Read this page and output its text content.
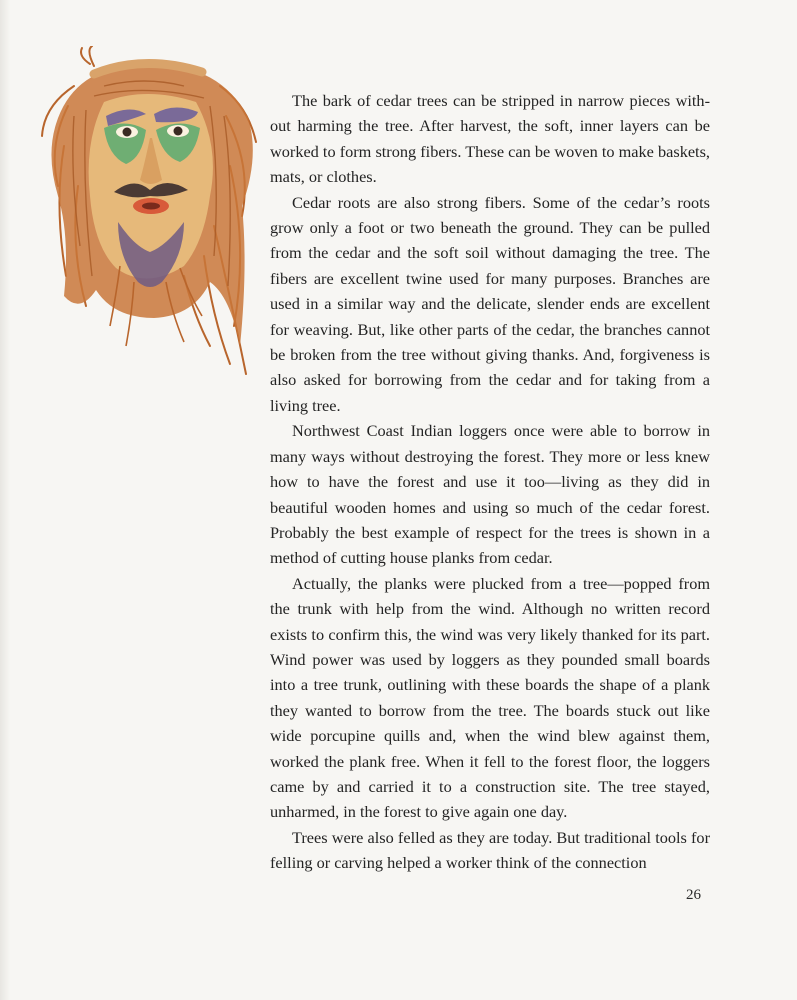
The bark of cedar trees can be stripped in narrow pieces without harming the tree. After harvest, the soft, inner layers can be worked to form strong fibers. These can be woven to make baskets, mats, or clothes.

Cedar roots are also strong fibers. Some of the cedar’s roots grow only a foot or two beneath the ground. They can be pulled from the cedar and the soft soil without damaging the tree. The fibers are excellent twine used for many purposes. Branches are used in a similar way and the delicate, slender ends are excellent for weaving. But, like other parts of the cedar, the branches cannot be broken from the tree without giving thanks. And, forgiveness is also asked for borrowing from the cedar and for taking from a living tree.

Northwest Coast Indian loggers once were able to borrow in many ways without destroying the forest. They more or less knew how to have the forest and use it too—living as they did in beautiful wooden homes and using so much of the cedar forest. Probably the best example of respect for the trees is shown in a method of cutting house planks from cedar.

Actually, the planks were plucked from a tree—popped from the trunk with help from the wind. Although no written record exists to confirm this, the wind was very likely thanked for its part. Wind power was used by loggers as they pounded small boards into a tree trunk, outlining with these boards the shape of a plank they wanted to borrow from the tree. The boards stuck out like wide porcupine quills and, when the wind blew against them, worked the plank free. When it fell to the forest floor, the loggers came by and carried it to a construction site. The tree stayed, unharmed, in the forest to give again one day.

Trees were also felled as they are today. But traditional tools for felling or carving helped a worker think of the connection

26
